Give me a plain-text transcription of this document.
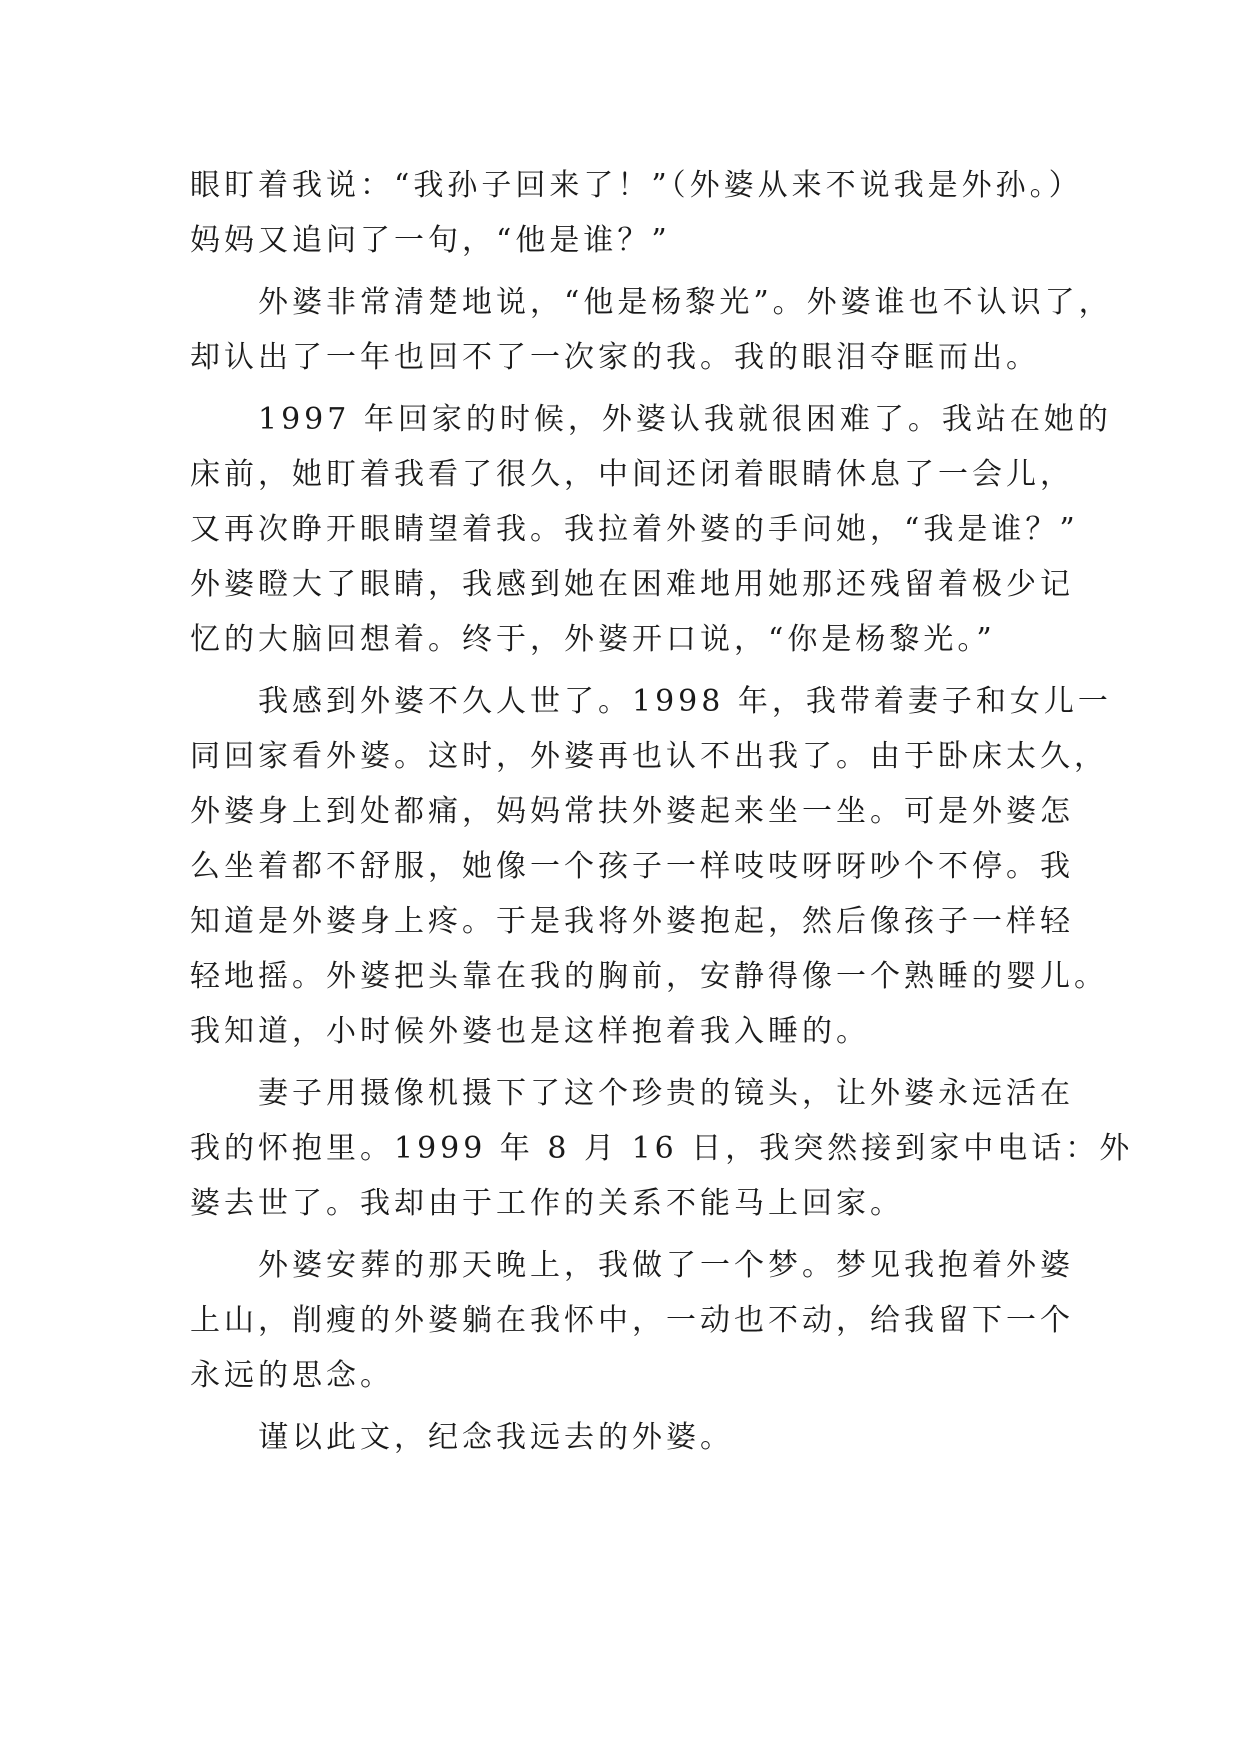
眼盯着我说：“我孙子回来了！”（外婆从来不说我是外孙。）
妈妈又追问了一句，“他是谁？”
　　外婆非常清楚地说，“他是杨黎光”。外婆谁也不认识了，
却认出了一年也回不了一次家的我。我的眼泪夺眶而出。
　　1997 年回家的时候，外婆认我就很困难了。我站在她的
床前，她盯着我看了很久，中间还闭着眼睛休息了一会儿，
又再次睁开眼睛望着我。我拉着外婆的手问她，“我是谁？”
外婆瞪大了眼睛，我感到她在困难地用她那还残留着极少记
忆的大脑回想着。终于，外婆开口说，“你是杨黎光。”
　　我感到外婆不久人世了。1998 年，我带着妻子和女儿一
同回家看外婆。这时，外婆再也认不出我了。由于卧床太久，
外婆身上到处都痛，妈妈常扶外婆起来坐一坐。可是外婆怎
么坐着都不舒服，她像一个孩子一样吱吱呀呀吵个不停。我
知道是外婆身上疼。于是我将外婆抱起，然后像孩子一样轻
轻地摇。外婆把头靠在我的胸前，安静得像一个熟睡的婴儿。
我知道，小时候外婆也是这样抱着我入睡的。
　　妻子用摄像机摄下了这个珍贵的镜头，让外婆永远活在
我的怀抱里。1999 年 8 月 16 日，我突然接到家中电话：外
婆去世了。我却由于工作的关系不能马上回家。
　　外婆安葬的那天晚上，我做了一个梦。梦见我抱着外婆
上山，削瘦的外婆躺在我怀中，一动也不动，给我留下一个
永远的思念。
　　谨以此文，纪念我远去的外婆。
